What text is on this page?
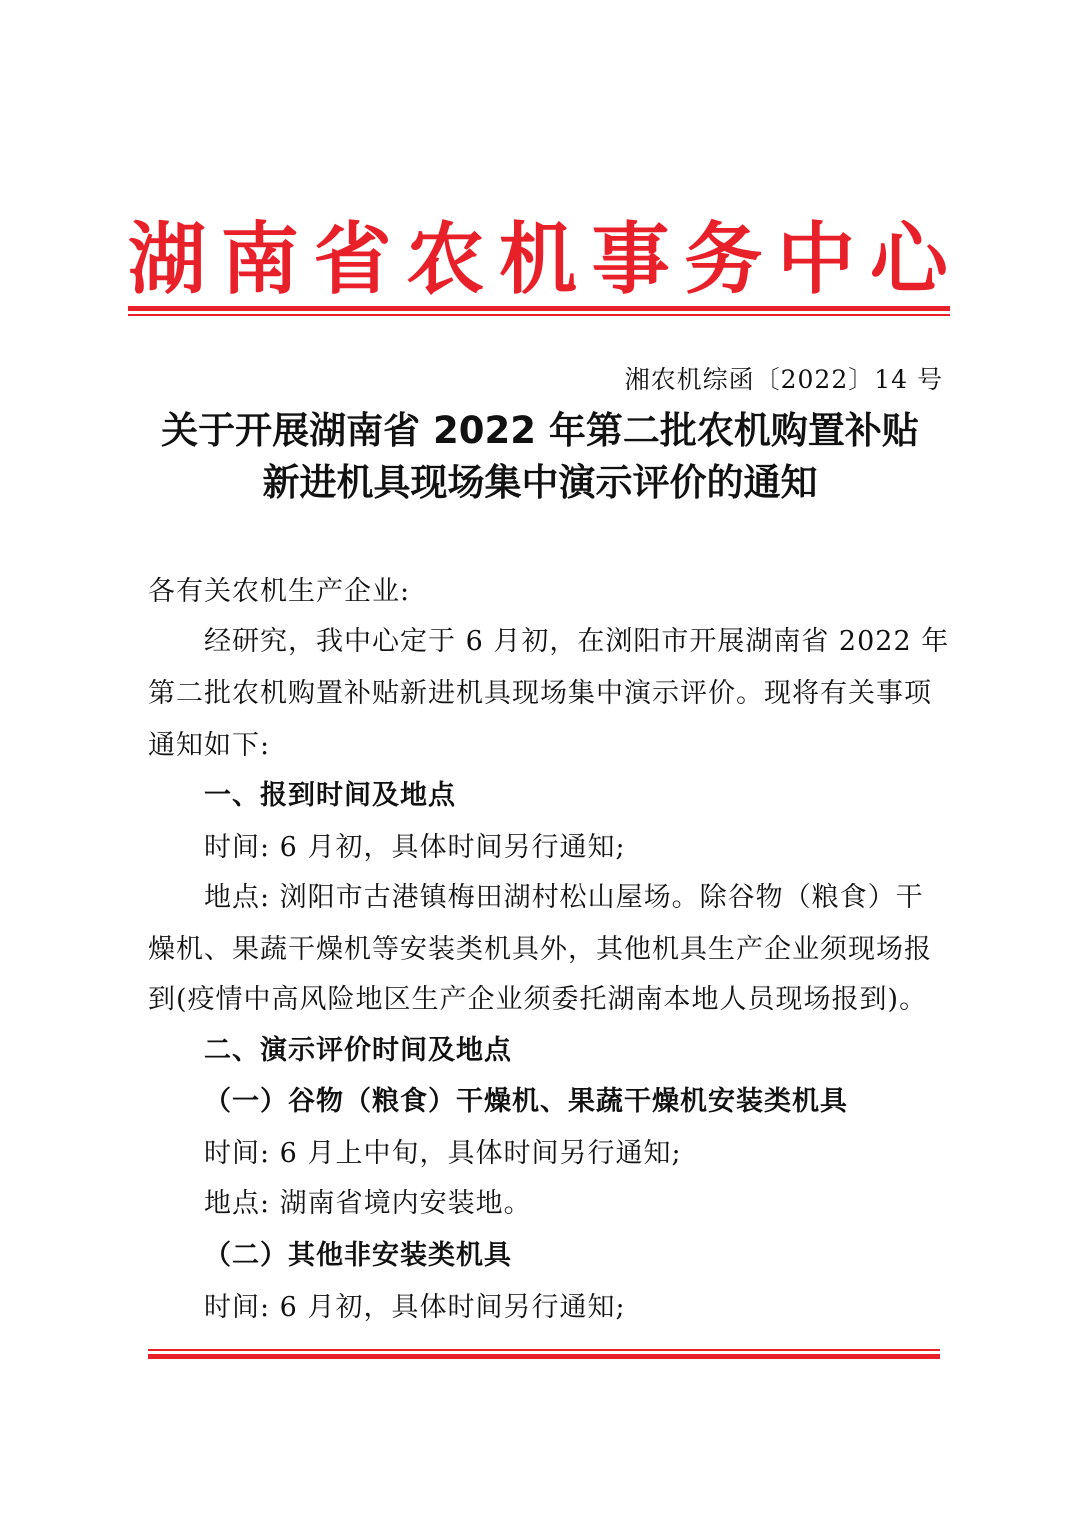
湖 南 省 农 机 事 务 中 心
湘农机综函〔2022〕14 号
关于开展湖南省 2022 年第二批农机购置补贴
新进机具现场集中演示评价的通知
各有关农机生产企业:
经研究，我中心定于 6 月初，在浏阳市开展湖南省 2022 年
第二批农机购置补贴新进机具现场集中演示评价。现将有关事项
通知如下:
一、报到时间及地点
时间: 6 月初，具体时间另行通知;
地点: 浏阳市古港镇梅田湖村松山屋场。除谷物（粮食）干
燥机、果蔬干燥机等安装类机具外，其他机具生产企业须现场报
到(疫情中高风险地区生产企业须委托湖南本地人员现场报到)。
二、演示评价时间及地点
（一）谷物（粮食）干燥机、果蔬干燥机安装类机具
时间: 6 月上中旬，具体时间另行通知;
地点: 湖南省境内安装地。
（二）其他非安装类机具
时间: 6 月初，具体时间另行通知;
